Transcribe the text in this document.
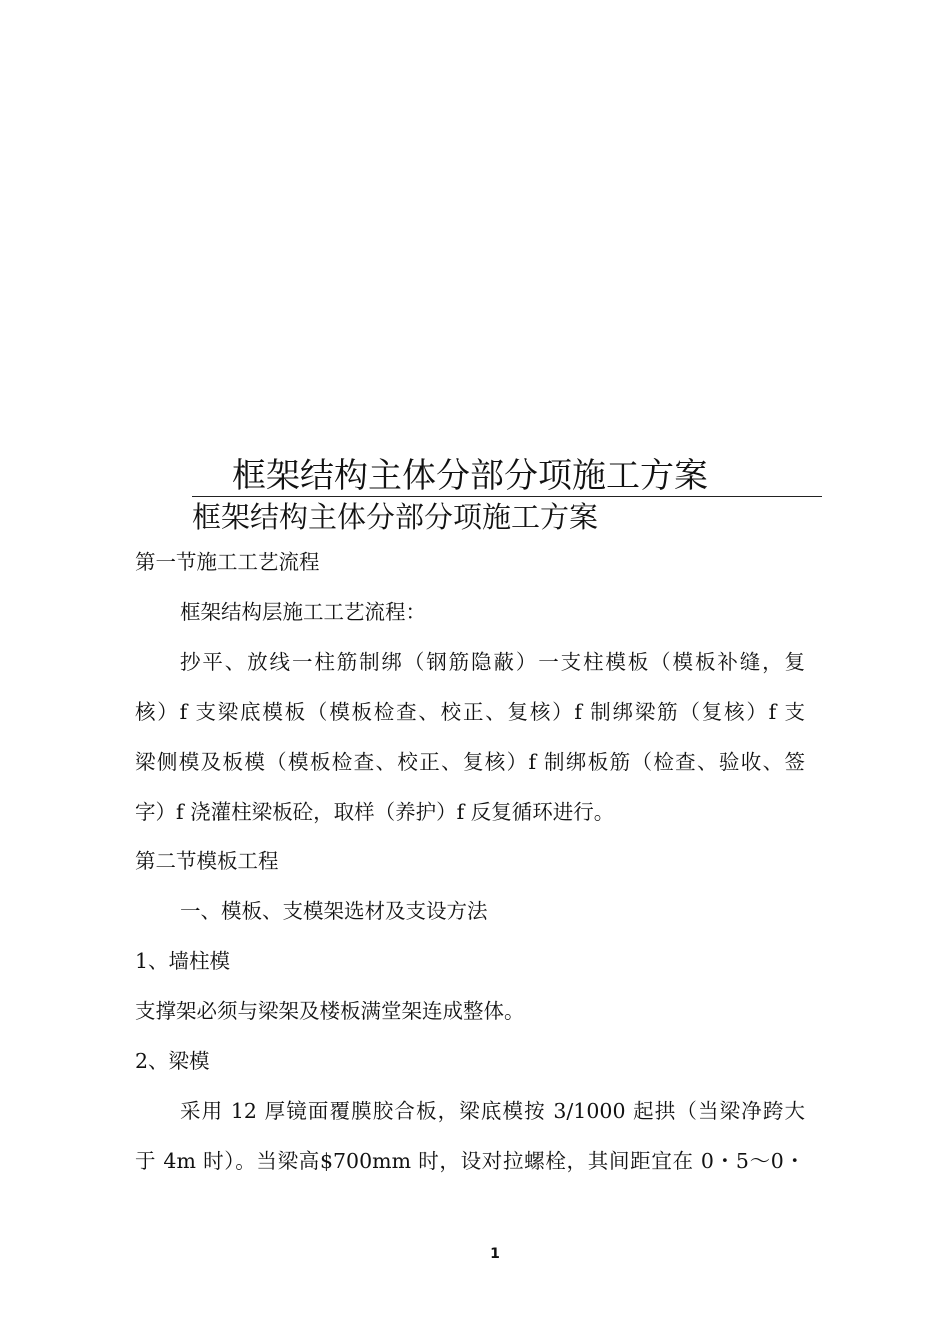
框架结构主体分部分项施工方案
框架结构主体分部分项施工方案
第一节施工工艺流程
框架结构层施工工艺流程：
抄平、放线一柱筋制绑（钢筋隐蔽）一支柱模板（模板补缝，复
核）f 支梁底模板（模板检查、校正、复核）f 制绑梁筋（复核）f 支
梁侧模及板模（模板检查、校正、复核）f 制绑板筋（检查、验收、签
字）f 浇灌柱梁板砼，取样（养护）f 反复循环进行。
第二节模板工程
一、模板、支模架选材及支设方法
1、墙柱模
支撑架必须与梁架及楼板满堂架连成整体。
2、梁模
采用 12 厚镜面覆膜胶合板，梁底模按 3/1000 起拱（当梁净跨大
于 4m 时）。当梁高$700mm 时，设对拉螺栓，其间距宜在 0・5〜0・
1
